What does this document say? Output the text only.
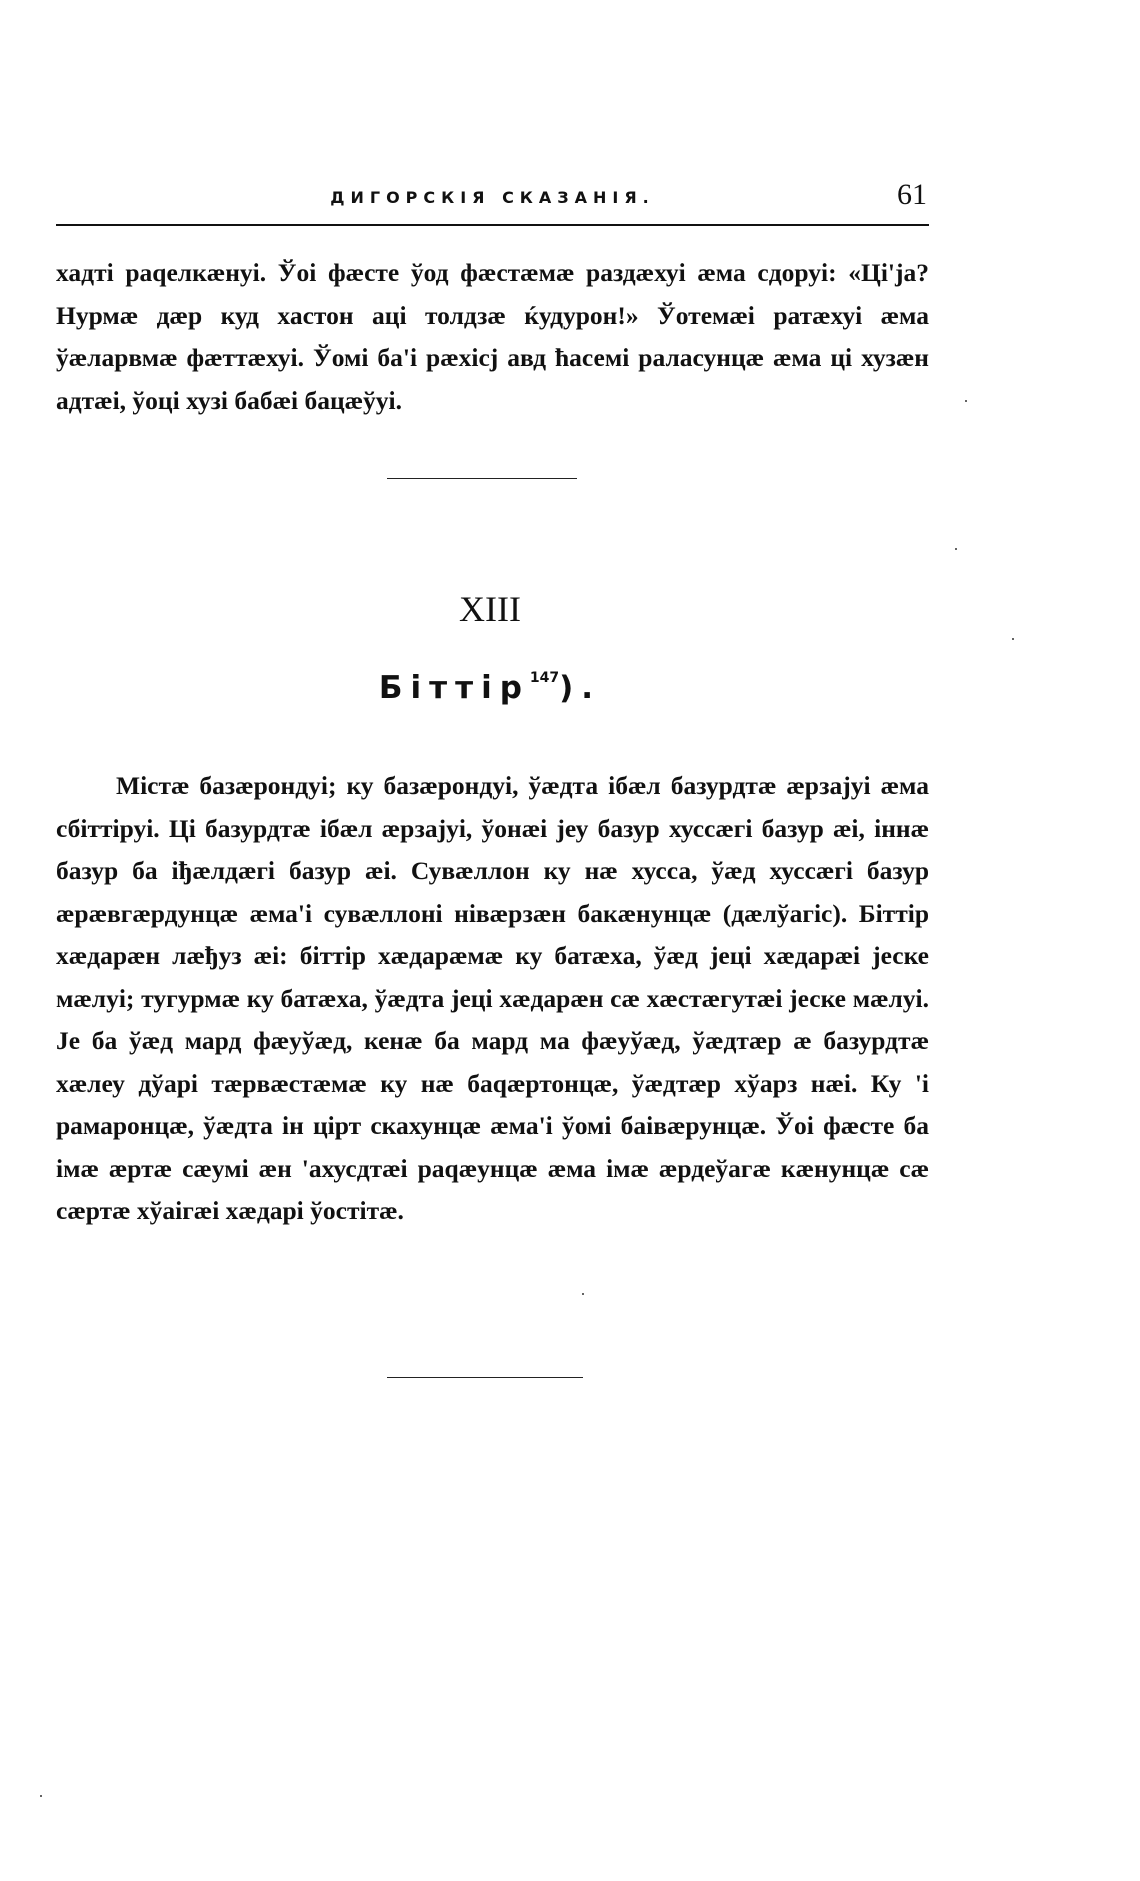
ДИГОРСКІЯ СКАЗАНІЯ.	61

хадті раqелкæнуі. Ўоі фæсте ўод фæстæмæ раздæхуі æма сдоруі: «Ці'ја? Нурмæ дæр куд хастон аці толдзæ ќудурон!» Ўотемæі ратæхуі æма ўæларвмæ фæттæхуі. Ўомі ба'і рæхісј авд ћасемі раласунцæ æма ці хузæн адтæі, ўоці хузі бабæі бацæўуі.

XIII
Біттір$^{147}$).

Містæ базæрондуі; ку базæрондуі, ўæдта ібæл базурдтæ æрзаjуі æма сбіттіруі. Ці базурдтæ ібæл æрзаjуі, ўонæі jеу базур хуссæгі базур æі, іннæ базур ба іђæлдæгі базур æі. Сувæллон ку нæ хусса, ўæд хуссæгі базур æрæвгæрдунцæ æма'і сувæллоні нівæрзæн бакæнунцæ (дæлўагіс). Біттір хæдарæн лæђуз æі: біттір хæдарæмæ ку батæха, ўæд jеці хæдарæі jеске мæлуі; тугурмæ ку батæха, ўæдта jеці хæдарæн сæ хæстæгутæі jеске мæлуі. Jе ба ўæд мард фæуўæд, кенæ ба мард ма фæуўæд, ўæдтæр æ базурдтæ хæлеу дўарі тæрвæстæмæ ку нæ баqæртонцæ, ўæдтæр хўарз нæі. Ку 'і рамаронцæ, ўæдта ін цірт скахунцæ æма'і ўомі баівæрунцæ. Ўоі фæсте ба імæ æртæ сæумі æн 'ахусдтæі раqæунцæ æма імæ æрдеўагæ кæнунцæ сæ сæртæ хўаігæі хæдарі ўостітæ.
